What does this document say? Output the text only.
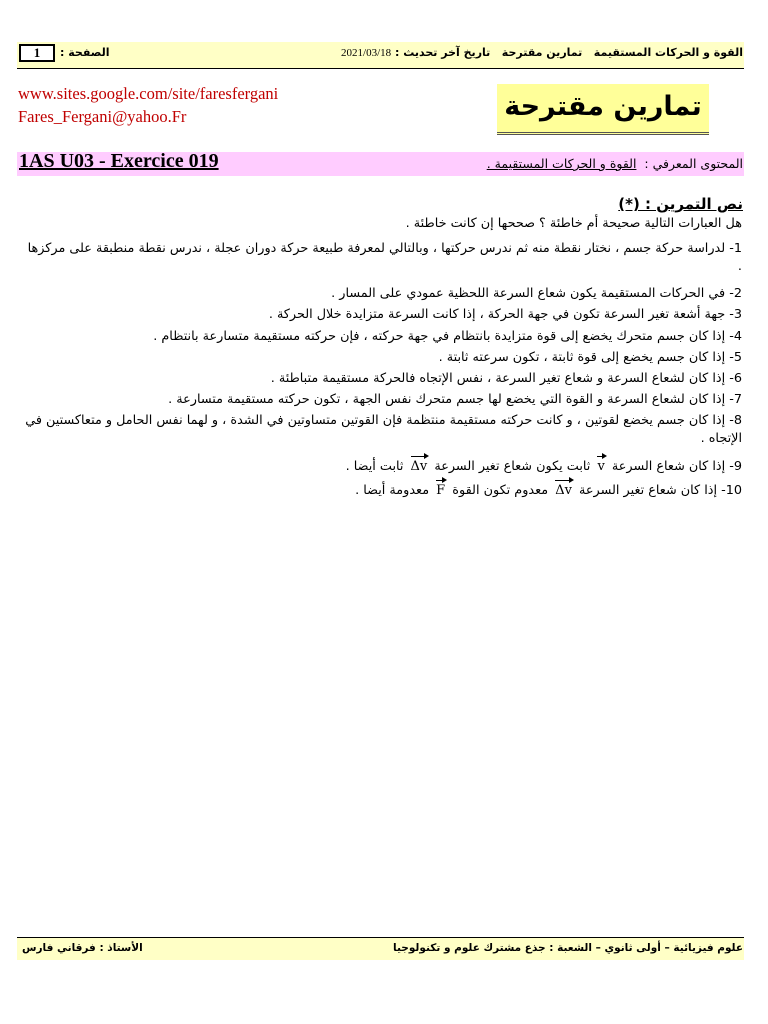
1	الصفحة :	القوة و الحركات المستقيمة   تمارين مقترحة   تاريخ آخر تحديث : 2021/03/18
www.sites.google.com/site/faresfergani
Fares_Fergani@yahoo.Fr	تمارين مقترحة
1AS U03 - Exercice 019	المحتوى المعرفي : القوة و الحركات المستقيمة .
نص التمرين : (*)
هل العبارات التالية صحيحة أم خاطئة ؟ صححها إن كانت خاطئة .
1- لدراسة حركة جسم ، نختار نقطة منه ثم ندرس حركتها ، وبالتالي لمعرفة طبيعة حركة دوران عجلة ، ندرس نقطة منطبقة على مركزها .
2- في الحركات المستقيمة يكون شعاع السرعة اللحظية عمودي على المسار .
3- جهة أشعة تغير السرعة تكون في جهة الحركة ، إذا كانت السرعة متزايدة خلال الحركة .
4- إذا كان جسم متحرك يخضع إلى قوة متزايدة بانتظام في جهة حركته ، فإن حركته مستقيمة متسارعة بانتظام .
5- إذا كان جسم يخضع إلى قوة ثابتة ، تكون سرعته ثابتة .
6- إذا كان لشعاع السرعة و شعاع تغير السرعة ، نفس الإتجاه فالحركة مستقيمة متباطئة .
7- إذا كان لشعاع السرعة و القوة التي يخضع لها جسم متحرك نفس الجهة ، تكون حركته مستقيمة متسارعة .
8- إذا كان جسم يخضع لقوتين ، و كانت حركته مستقيمة منتظمة فإن القوتين متساوتين في الشدة ، و لهما نفس الحامل و متعاكستين في الإتجاه .
9- إذا كان شعاع السرعة v ثابت يكون شعاع تغير السرعة Δv ثابت أيضا .
10- إذا كان شعاع تغير السرعة Δv معدوم تكون القوة F معدومة أيضا .
الأستاذ : فرقاني فارس	علوم فيزيائية – أولى ثانوي – الشعبة : جذع مشترك علوم و تكنولوجيا
